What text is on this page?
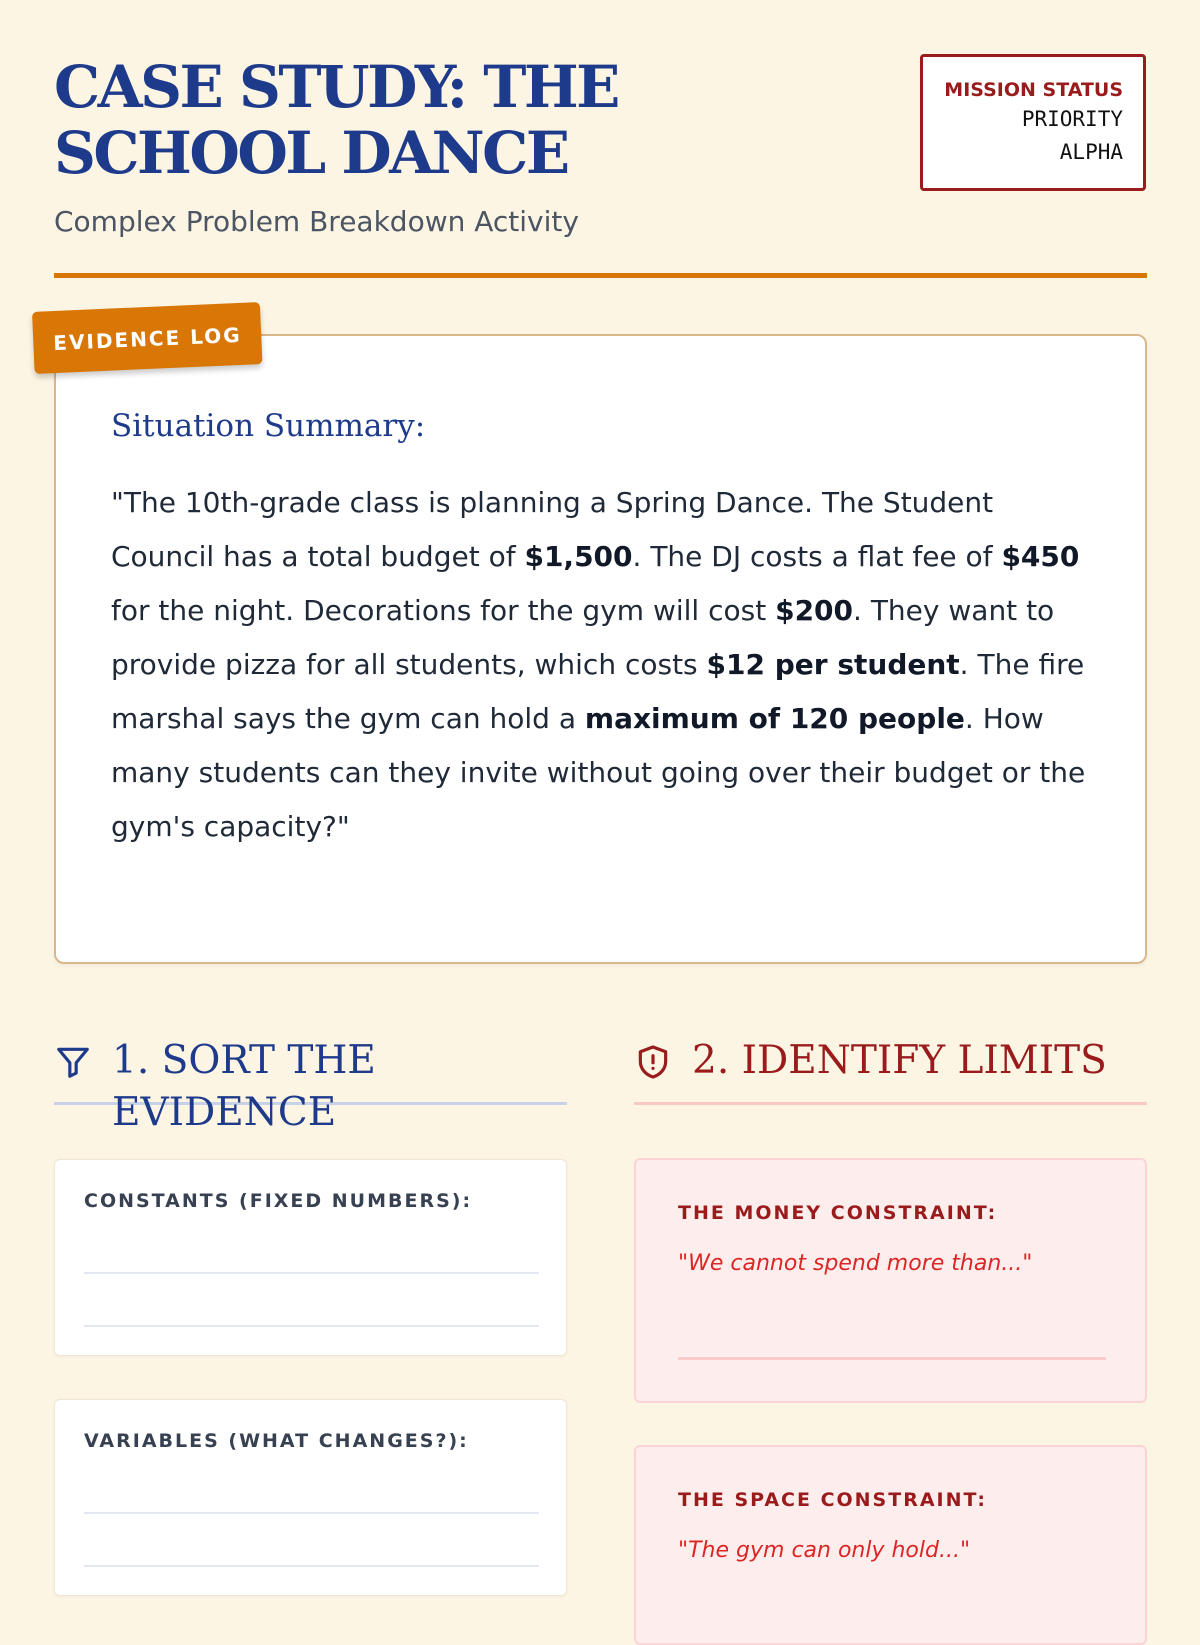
CASE STUDY: THE SCHOOL DANCE

Complex Problem Breakdown Activity

MISSION STATUS
PRIORITY
ALPHA
EVIDENCE LOG
Situation Summary:

"The 10th-grade class is planning a Spring Dance. The Student Council has a total budget of $1,500. The DJ costs a flat fee of $450 for the night. Decorations for the gym will cost $200. They want to provide pizza for all students, which costs $12 per student. The fire marshal says the gym can hold a maximum of 120 people. How many students can they invite without going over their budget or the gym's capacity?"

1. SORT THE EVIDENCE
2. IDENTIFY LIMITS
CONSTANTS (FIXED NUMBERS):
VARIABLES (WHAT CHANGES?):
THE MONEY CONSTRAINT:
"We cannot spend more than..."
THE SPACE CONSTRAINT:
"The gym can only hold..."
